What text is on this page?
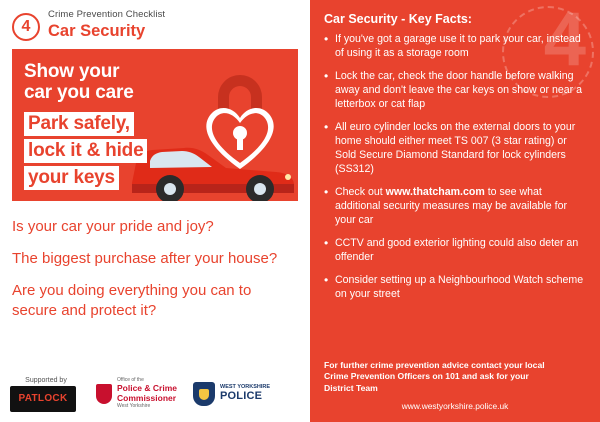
4
Crime Prevention Checklist
Car Security
Show your
car you care
Park safely,
lock it & hide
your keys
Is your car your pride and joy?
The biggest purchase after your house?
Are you doing everything you can to secure and protect it?
Supported by
PATLOCK
Office of the
Police & Crime
Commissioner
West Yorkshire
WEST YORKSHIRE
POLICE
4
Car Security - Key Facts:
• If you've got a garage use it to park your car, instead of using it as a storage room
• Lock the car, check the door handle before walking away and don't leave the car keys on show or near a letterbox or cat flap
• All euro cylinder locks on the external doors to your home should either meet TS 007 (3 star rating) or Sold Secure Diamond Standard for lock cylinders (SS312)
• Check out www.thatcham.com to see what additional security measures may be available for your car
• CCTV and good exterior lighting could also deter an offender
• Consider setting up a Neighbourhood Watch scheme on your street
For further crime prevention advice contact your local
Crime Prevention Officers on 101 and ask for your
District Team
www.westyorkshire.police.uk
